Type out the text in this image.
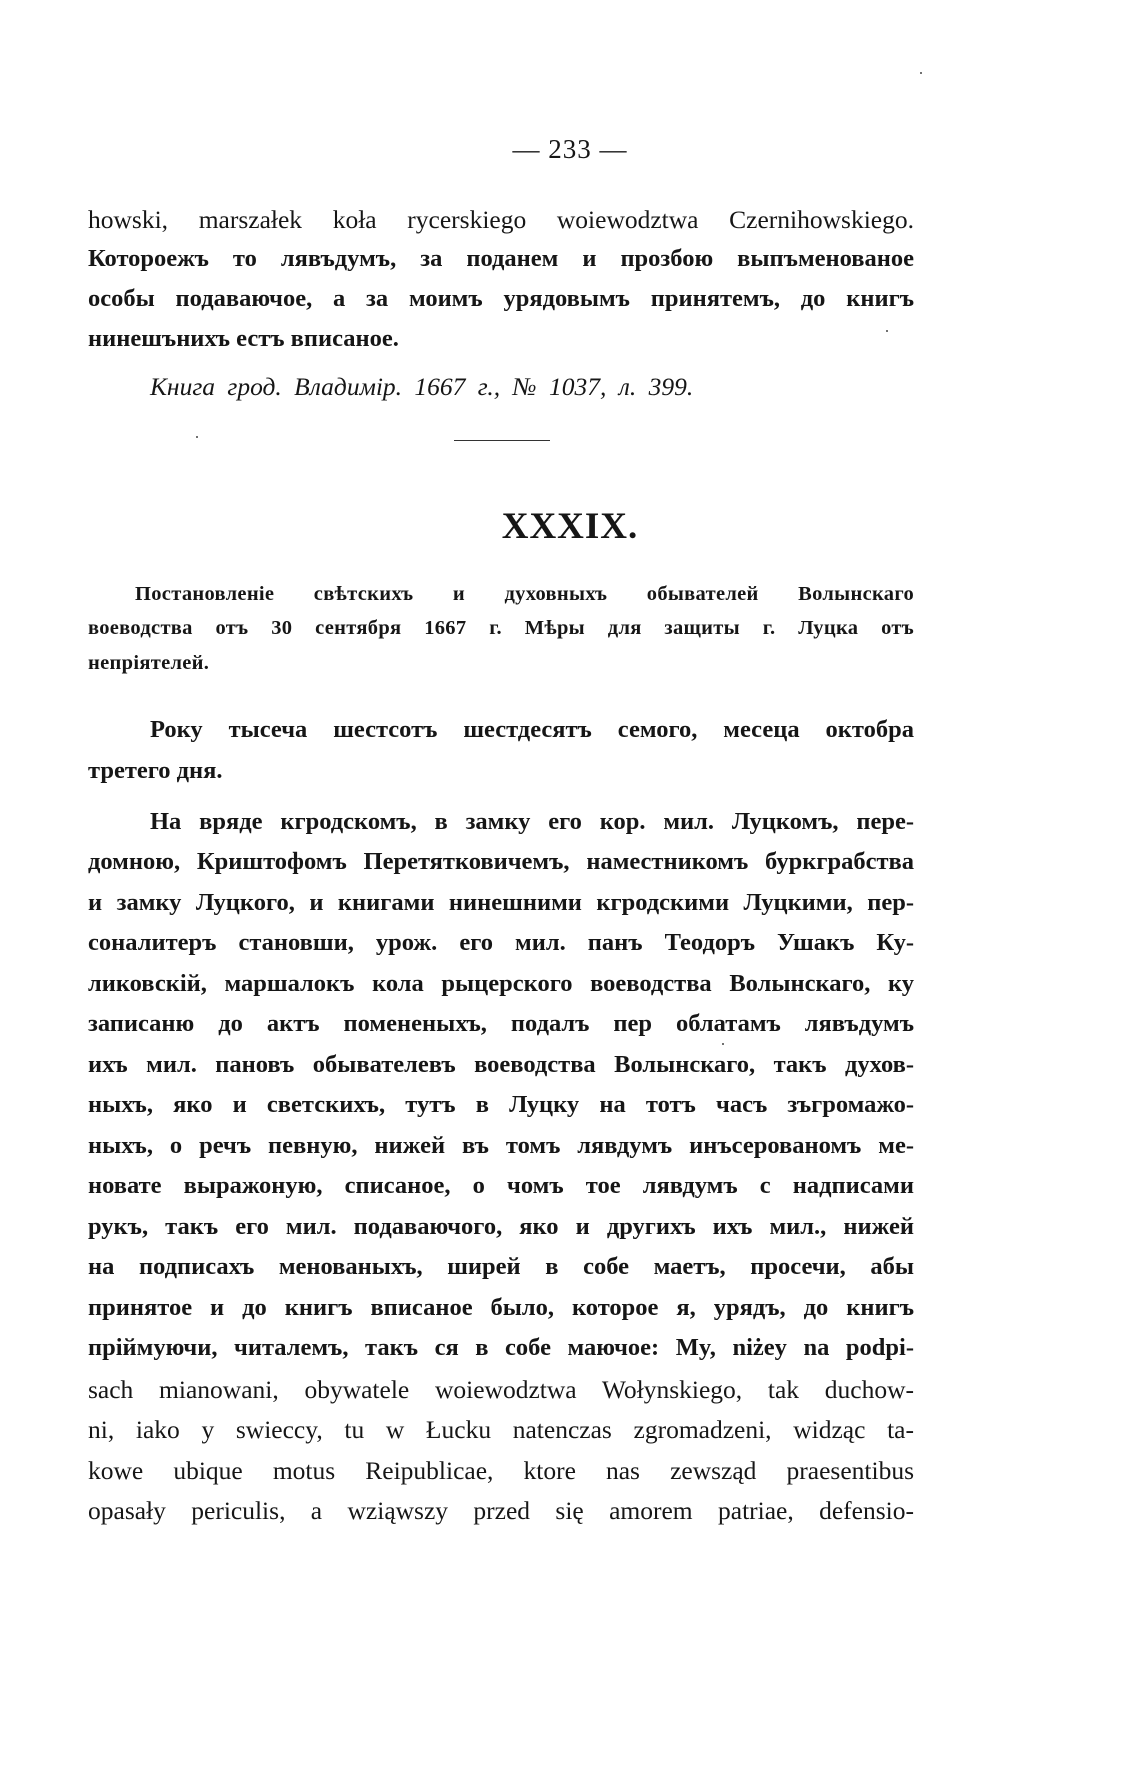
— 233 —
howski, marszałek koła rycerskiego woiewodztwa Czernihowskiego.
Котороежъ то лявъдумъ, за поданем и прозбою выпъменованое
особы подаваючое, а за моимъ урядовымъ принятемъ, до книгъ
нинешънихъ естъ вписаное.
Книга грод. Владимір. 1667 г., № 1037, л. 399.
XXXIX.
Постановленіе свѣтскихъ и духовныхъ обывателей Волынскаго
воеводства отъ 30 сентября 1667 г. Мѣры для защиты г. Луцка отъ
непріятелей.
Року тысеча шестсотъ шестдесятъ семого, месеца октобра
третего дня.
На вряде кгродскомъ, в замку его кор. мил. Луцкомъ, пере-
домною, Криштофомъ Перетятковичемъ, наместникомъ буркграбства
и замку Луцкого, и книгами нинешними кгродскими Луцкими, пер-
соналитеръ становши, урож. его мил. панъ Теодоръ Ушакъ Ку-
ликовскій, маршалокъ кола рыцерского воеводства Волынскаго, ку
записаню до актъ помененыхъ, подалъ пер облатамъ лявъдумъ
ихъ мил. пановъ обывателевъ воеводства Волынскаго, такъ духов-
ныхъ, яко и светскихъ, тутъ в Луцку на тотъ часъ зъгромажо-
ныхъ, о речъ певную, нижей въ томъ лявдумъ инъсерованомъ ме-
новате выражоную, списаное, о чомъ тое лявдумъ с надписами
рукъ, такъ его мил. подаваючого, яко и другихъ ихъ мил., нижей
на подписахъ менованыхъ, ширей в собе маетъ, просечи, абы
принятое и до книгъ вписаное было, которое я, урядъ, до книгъ
пріймуючи, читалемъ, такъ ся в собе маючое: My, niżey na podpi-
sach mianowani, obywatele woiewodztwa Wołynskiego, tak duchow-
ni, iako y swieccy, tu w Łucku natenczas zgromadzeni, widząc ta-
kowe ubique motus Reipublicae, ktore nas zewsząd praesentibus
opasały periculis, a wziąwszy przed się amorem patriae, defensio-
